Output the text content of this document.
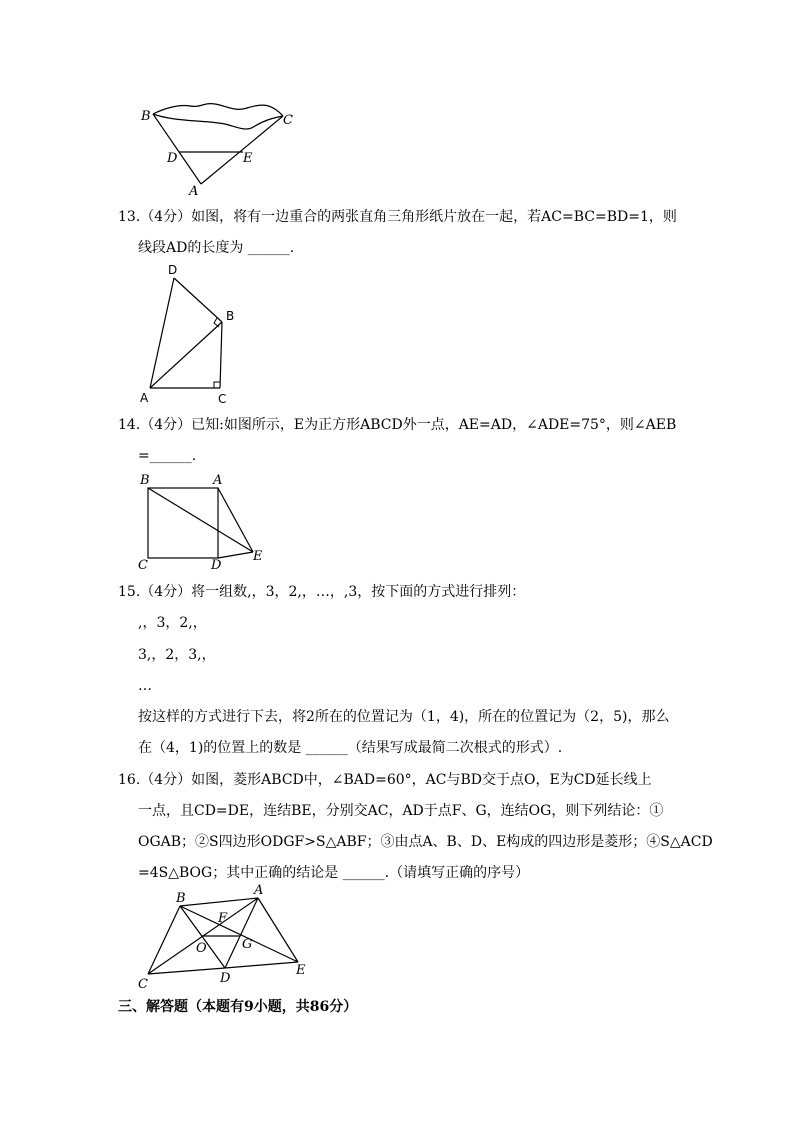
B	C
D	E
A
13.（4分）如图，将有一边重合的两张直角三角形纸片放在一起，若AC=BC=BD=1，则
线段AD的长度为 ______.
D
B
A	C
14.（4分）已知:如图所示，E为正方形ABCD外一点，AE=AD，∠ADE=75°，则∠AEB
=______.
B	A
C	D
E
15.（4分）将一组数,，3，2,，…，,3，按下面的方式进行排列：
,，3，2,，
3,，2，3,，
…
按这样的方式进行下去，将2所在的位置记为（1，4)，所在的位置记为（2，5)，那么
在（4，1)的位置上的数是 ______（结果写成最简二次根式的形式）.
16.（4分）如图，菱形ABCD中，∠BAD=60°，AC与BD交于点O，E为CD延长线上
一点，且CD=DE，连结BE，分别交AC，AD于点F、G，连结OG，则下列结论：①
OGAB；②S四边形ODGF>S△ABF；③由点A、B、D、E构成的四边形是菱形；④S△ACD
=4S△BOG；其中正确的结论是 ______.（请填写正确的序号）
B
A
F
O	G
C	D
E
三、解答题（本题有9小题，共86分）
